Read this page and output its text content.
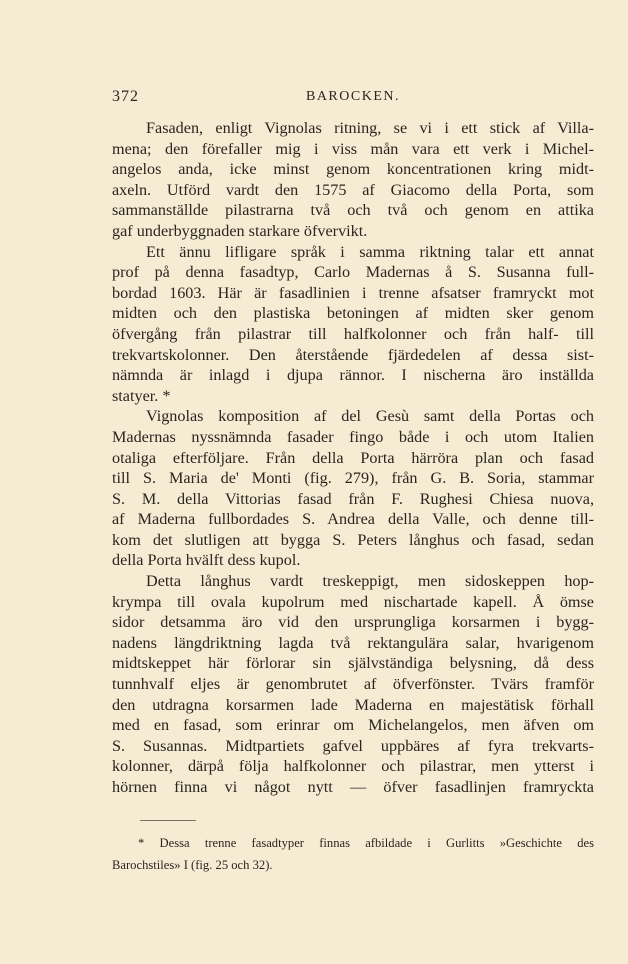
372	BAROCKEN.
Fasaden, enligt Vignolas ritning, se vi i ett stick af Villa-
mena; den förefaller mig i viss mån vara ett verk i Michel-
angelos anda, icke minst genom koncentrationen kring midt-
axeln. Utförd vardt den 1575 af Giacomo della Porta, som
sammanställde pilastrarna två och två och genom en attika
gaf underbyggnaden starkare öfvervikt.
Ett ännu lifligare språk i samma riktning talar ett annat
prof på denna fasadtyp, Carlo Madernas å S. Susanna full-
bordad 1603. Här är fasadlinien i trenne afsatser framryckt mot
midten och den plastiska betoningen af midten sker genom
öfvergång från pilastrar till halfkolonner och från half- till
trekvartskolonner. Den återstående fjärdedelen af dessa sist-
nämnda är inlagd i djupa rännor. I nischerna äro inställda
statyer. *
Vignolas komposition af del Gesù samt della Portas och
Madernas nyssnämnda fasader fingo både i och utom Italien
otaliga efterföljare. Från della Porta härröra plan och fasad
till S. Maria de' Monti (fig. 279), från G. B. Soria, stammar
S. M. della Vittorias fasad från F. Rughesi Chiesa nuova,
af Maderna fullbordades S. Andrea della Valle, och denne till-
kom det slutligen att bygga S. Peters långhus och fasad, sedan
della Porta hvälft dess kupol.
Detta långhus vardt treskeppigt, men sidoskeppen hop-
krympa till ovala kupolrum med nischartade kapell. Å ömse
sidor detsamma äro vid den ursprungliga korsarmen i bygg-
nadens längdriktning lagda två rektangulära salar, hvarigenom
midtskeppet här förlorar sin självständiga belysning, då dess
tunnhvalf eljes är genombrutet af öfverfönster. Tvärs framför
den utdragna korsarmen lade Maderna en majestätisk förhall
med en fasad, som erinrar om Michelangelos, men äfven om
S. Susannas. Midtpartiets gafvel uppbäres af fyra trekvarts-
kolonner, därpå följa halfkolonner och pilastrar, men ytterst i
hörnen finna vi något nytt — öfver fasadlinjen framryckta
* Dessa trenne fasadtyper finnas afbildade i Gurlitts »Geschichte des
Barochstiles» I (fig. 25 och 32).
